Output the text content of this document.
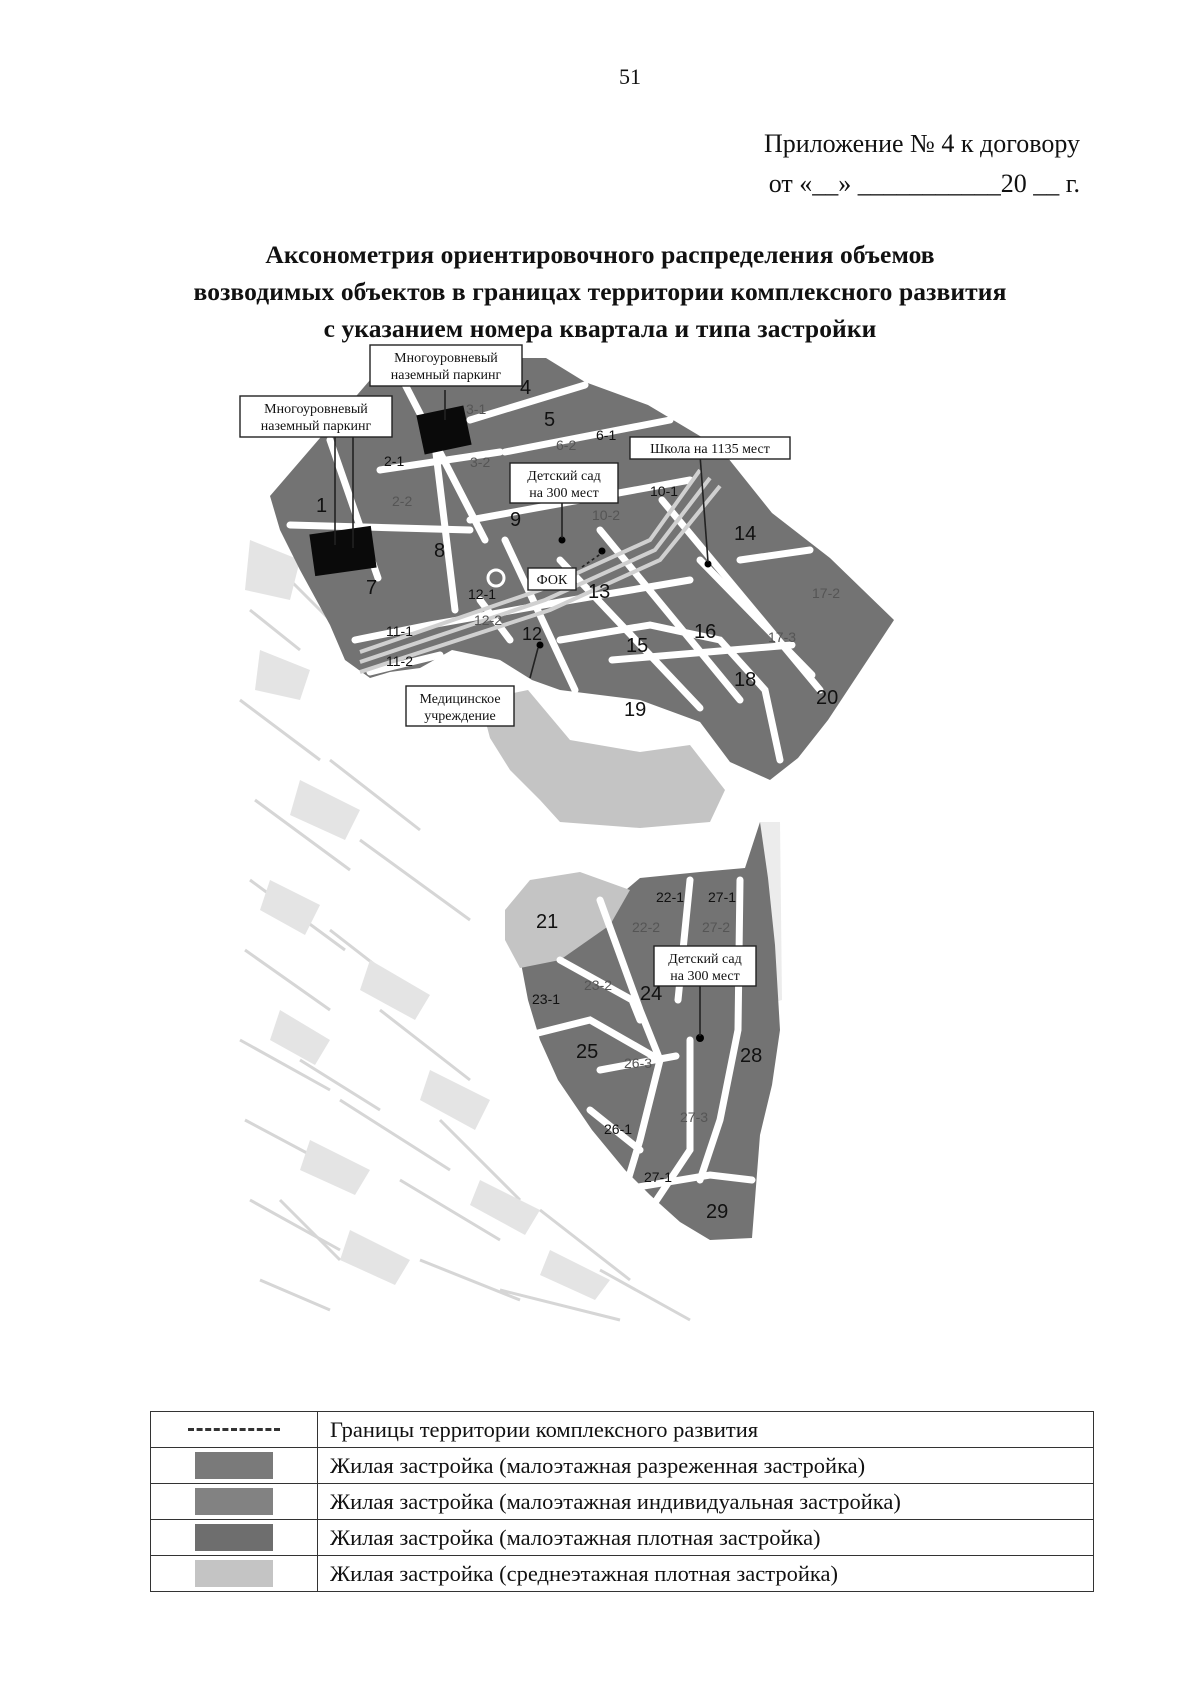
51
Приложение № 4 к договору
от «__» ___________20 __ г.
Аксонометрия ориентировочного распределения объемов
возводимых объектов в границах территории комплексного развития
с указанием номера квартала и типа застройки
Многоуровневый
наземный паркинг
Многоуровневый
наземный паркинг
Школа на 1135 мест
Детский сад
на 300 мест
ФОК
Медицинское
учреждение
Детский сад
на 300 мест
1
2-1
2-2
3-1
3-2
4
5
6-1
6-2
7
8
9
10-1
10-2
11-1
11-2
12
12-1
12-2
13
14
15
16
17-2
17-3
18
19
20
21
22-1
22-2
23-1
23-2 24
25
26-1
26-3
27-1
27-1
27-2
27-3
28
29
	Границы территории комплексного развития
	Жилая застройка (малоэтажная разреженная застройка)
	Жилая застройка (малоэтажная индивидуальная застройка)
	Жилая застройка (малоэтажная плотная застройка)
	Жилая застройка (среднеэтажная плотная застройка)
